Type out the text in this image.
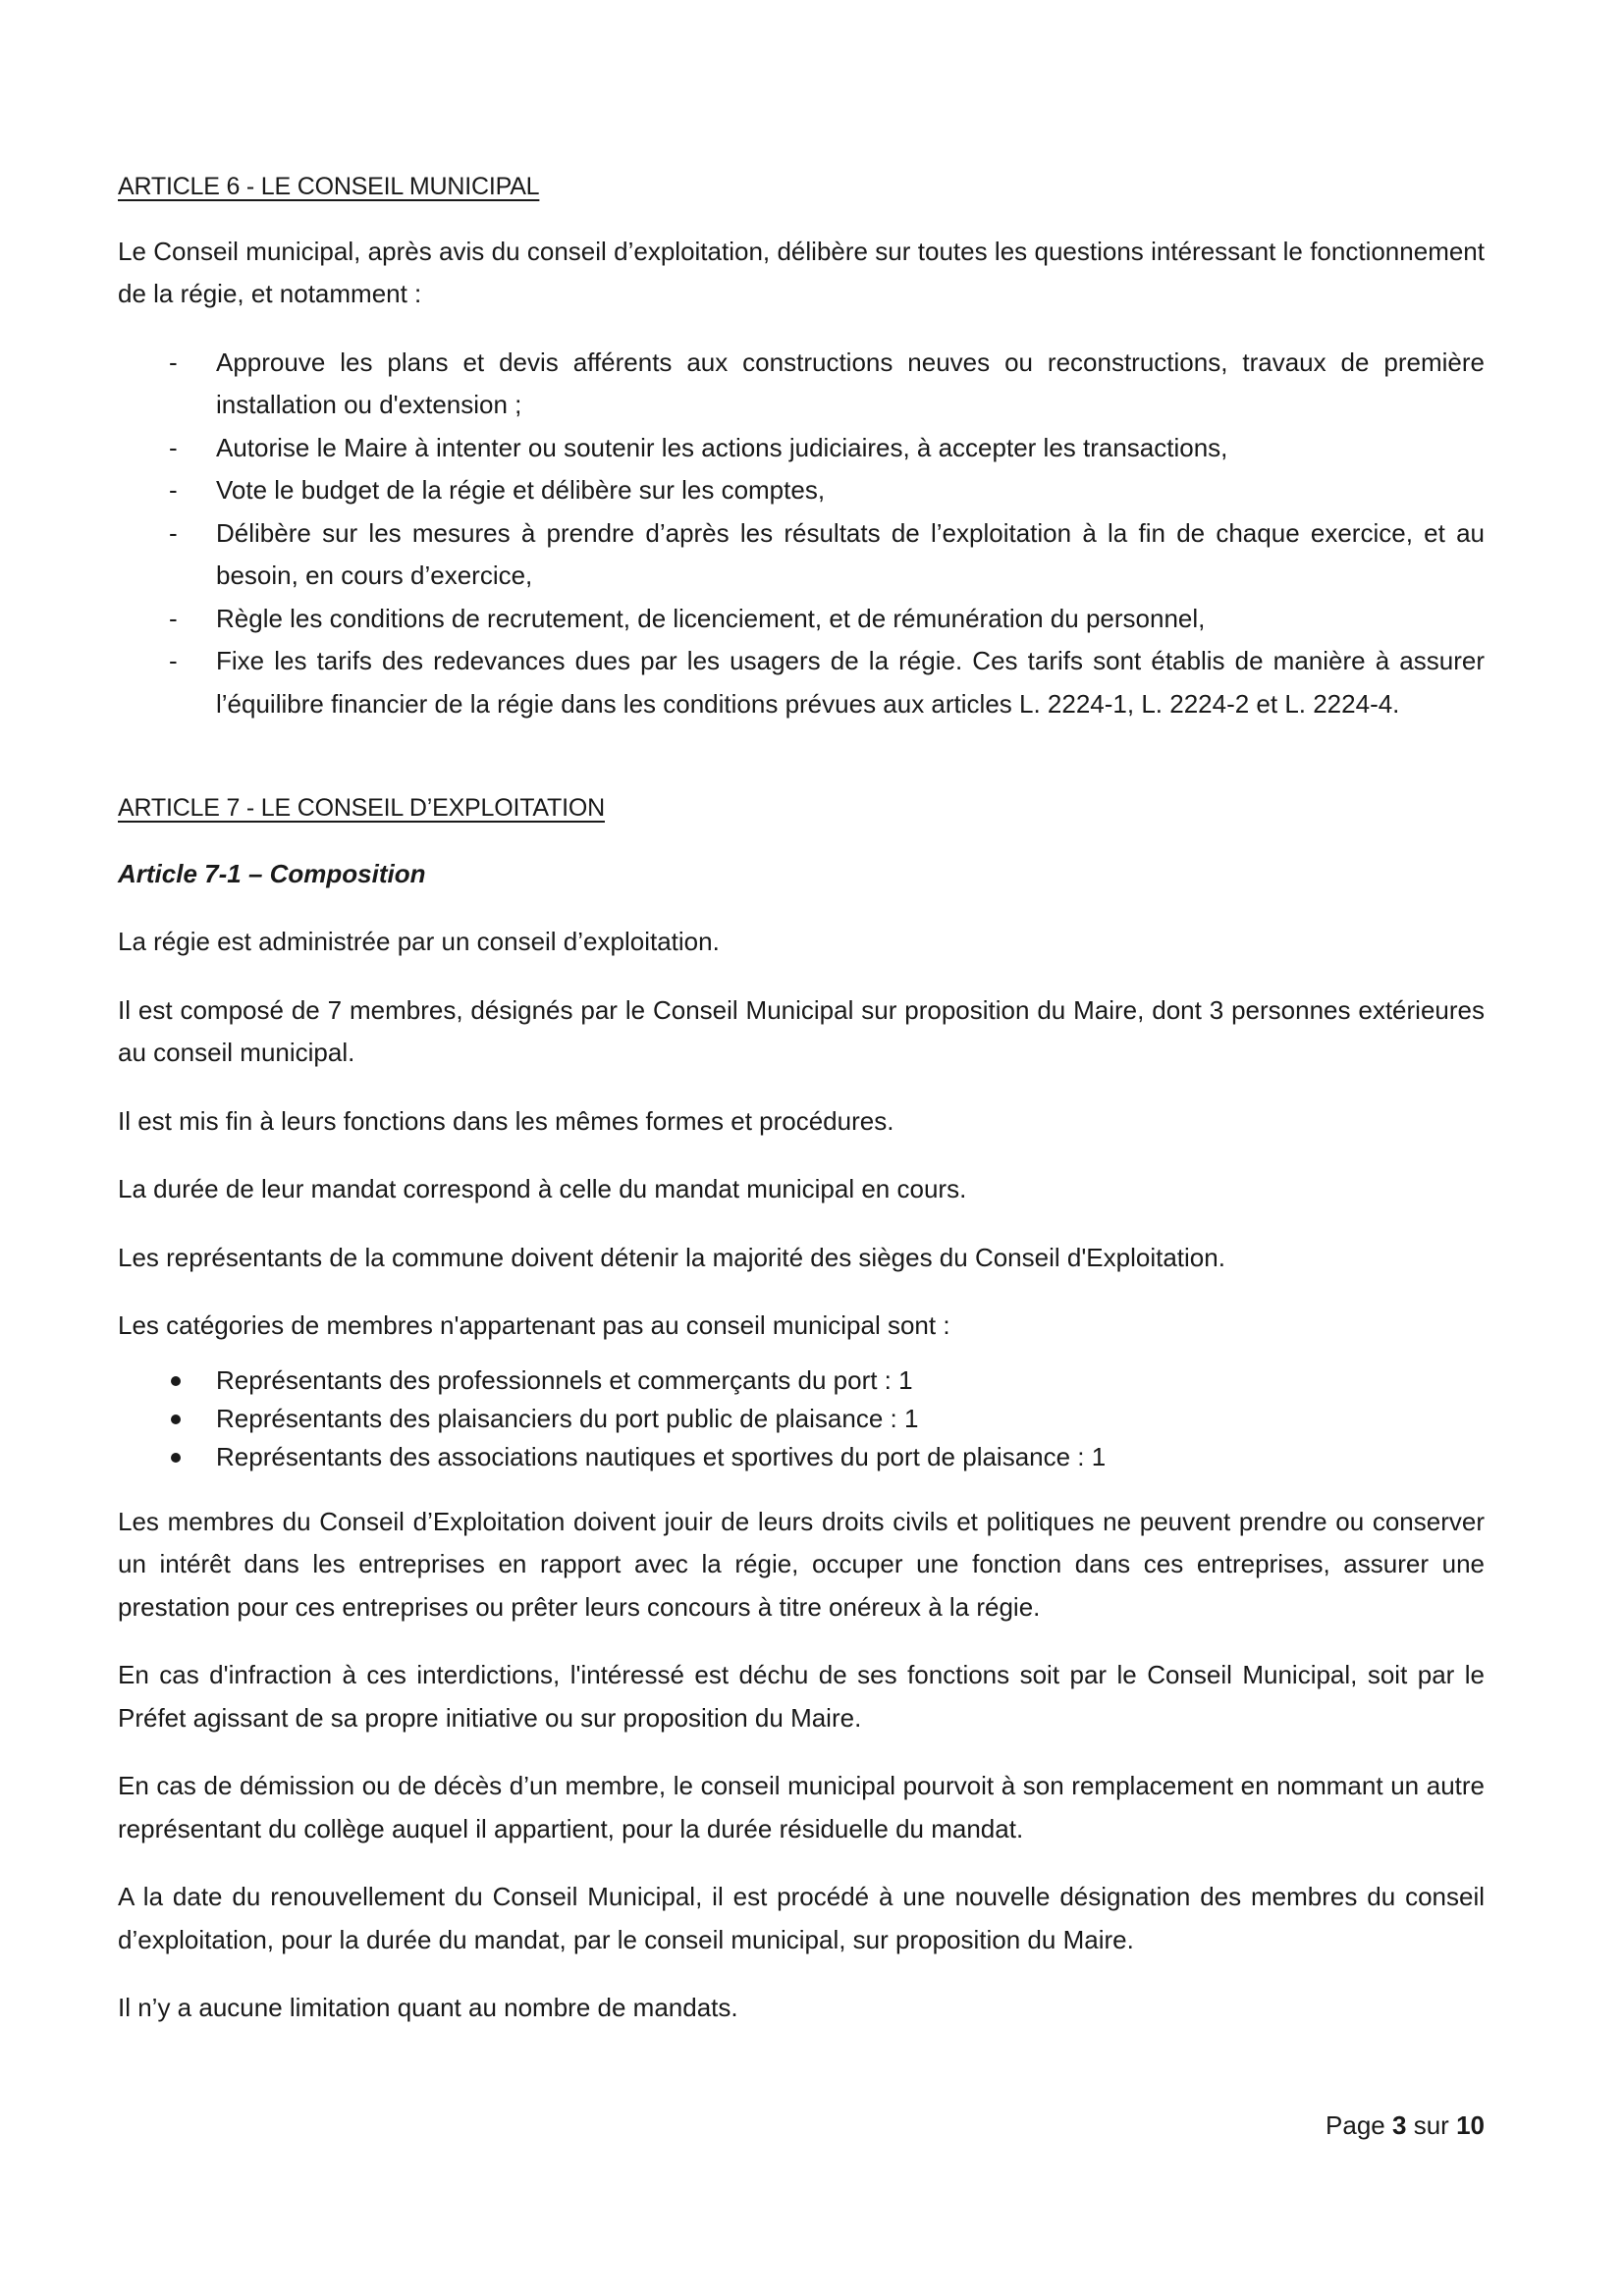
ARTICLE 6 - LE CONSEIL MUNICIPAL

Le Conseil municipal, après avis du conseil d’exploitation, délibère sur toutes les questions intéressant le fonctionnement de la régie, et notamment :

- Approuve les plans et devis afférents aux constructions neuves ou reconstructions, travaux de première installation ou d'extension ;
- Autorise le Maire à intenter ou soutenir les actions judiciaires, à accepter les transactions,
- Vote le budget de la régie et délibère sur les comptes,
- Délibère sur les mesures à prendre d’après les résultats de l’exploitation à la fin de chaque exercice, et au besoin, en cours d’exercice,
- Règle les conditions de recrutement, de licenciement, et de rémunération du personnel,
- Fixe les tarifs des redevances dues par les usagers de la régie. Ces tarifs sont établis de manière à assurer l’équilibre financier de la régie dans les conditions prévues aux articles L. 2224-1, L. 2224-2 et L. 2224-4.

ARTICLE 7 - LE CONSEIL D’EXPLOITATION

Article 7-1 – Composition

La régie est administrée par un conseil d’exploitation.

Il est composé de 7 membres, désignés par le Conseil Municipal sur proposition du Maire, dont 3 personnes extérieures au conseil municipal.

Il est mis fin à leurs fonctions dans les mêmes formes et procédures.

La durée de leur mandat correspond à celle du mandat municipal en cours.

Les représentants de la commune doivent détenir la majorité des sièges du Conseil d'Exploitation.

Les catégories de membres n'appartenant pas au conseil municipal sont :

Représentants des professionnels et commerçants du port : 1
Représentants des plaisanciers du port public de plaisance : 1
Représentants des associations nautiques et sportives du port de plaisance : 1

Les membres du Conseil d’Exploitation doivent jouir de leurs droits civils et politiques ne peuvent prendre ou conserver un intérêt dans les entreprises en rapport avec la régie, occuper une fonction dans ces entreprises, assurer une prestation pour ces entreprises ou prêter leurs concours à titre onéreux à la régie.

En cas d'infraction à ces interdictions, l'intéressé est déchu de ses fonctions soit par le Conseil Municipal, soit par le Préfet agissant de sa propre initiative ou sur proposition du Maire.

En cas de démission ou de décès d’un membre, le conseil municipal pourvoit à son remplacement en nommant un autre représentant du collège auquel il appartient, pour la durée résiduelle du mandat.

A la date du renouvellement du Conseil Municipal, il est procédé à une nouvelle désignation des membres du conseil d’exploitation, pour la durée du mandat, par le conseil municipal, sur proposition du Maire.

Il n’y a aucune limitation quant au nombre de mandats.

Page 3 sur 10
